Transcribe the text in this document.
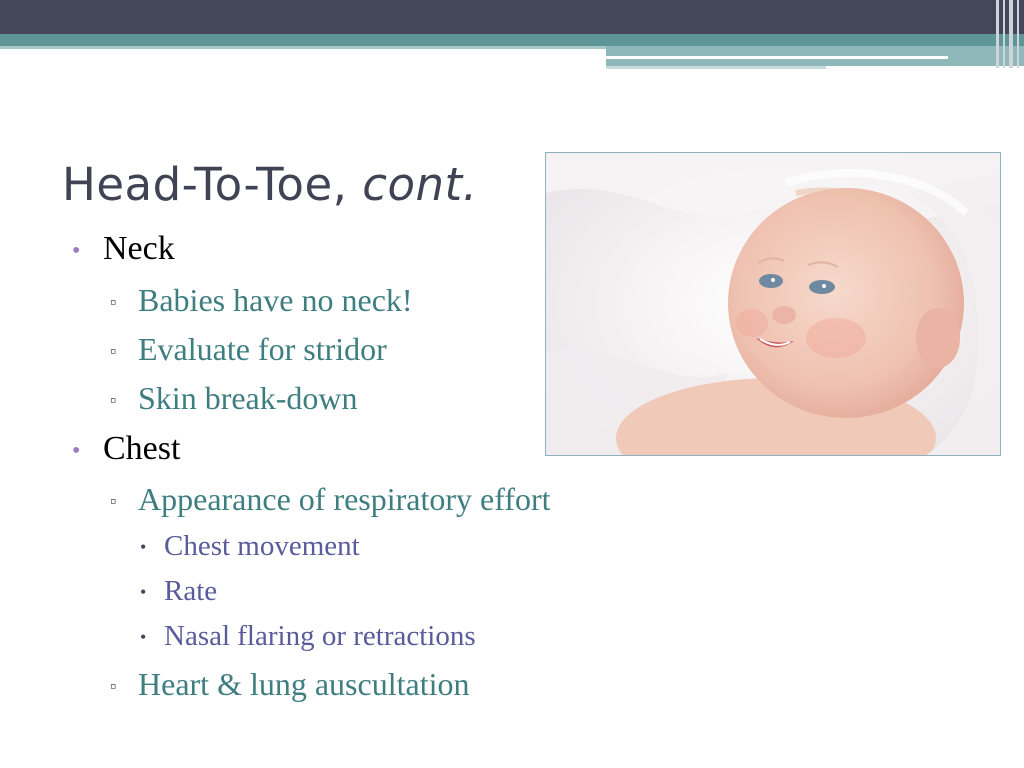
Head-To-Toe, cont.
• Neck
▫ Babies have no neck!
▫ Evaluate for stridor
▫ Skin break-down
• Chest
▫ Appearance of respiratory effort
• Chest movement
• Rate
• Nasal flaring or retractions
▫ Heart & lung auscultation
